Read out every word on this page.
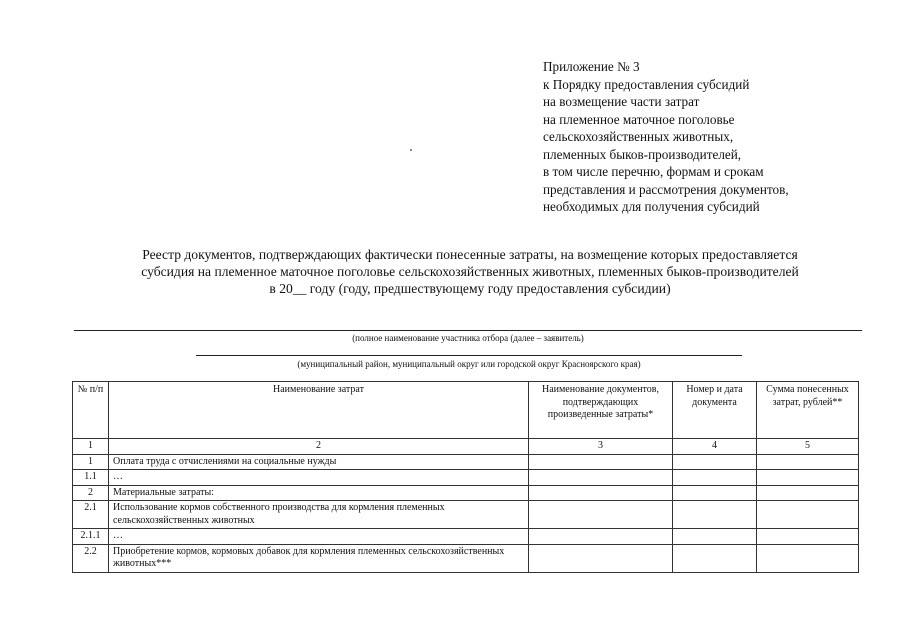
Приложение № 3
к Порядку предоставления субсидий
на возмещение части затрат
на племенное маточное поголовье
сельскохозяйственных животных,
племенных быков-производителей,
в том числе перечню, формам и срокам
представления и рассмотрения документов,
необходимых для получения субсидий
Реестр документов, подтверждающих фактически понесенные затраты, на возмещение которых предоставляется
субсидия на племенное маточное поголовье сельскохозяйственных животных, племенных быков-производителей
в 20__ году (году, предшествующему году предоставления субсидии)
(полное наименование участника отбора (далее – заявитель)
(муниципальный район, муниципальный округ или городской округ Красноярского края)
№ п/п	Наименование затрат	Наименование документов, подтверждающих произведенные затраты*	Номер и дата документа	Сумма понесенных затрат, рублей**
1	2	3	4	5
1	Оплата труда с отчислениями на социальные нужды			
1.1	…			
2	Материальные затраты:			
2.1	Использование кормов собственного производства для кормления племенных сельскохозяйственных животных			
2.1.1	…			
2.2	Приобретение кормов, кормовых добавок для кормления племенных сельскохозяйственных животных***			
